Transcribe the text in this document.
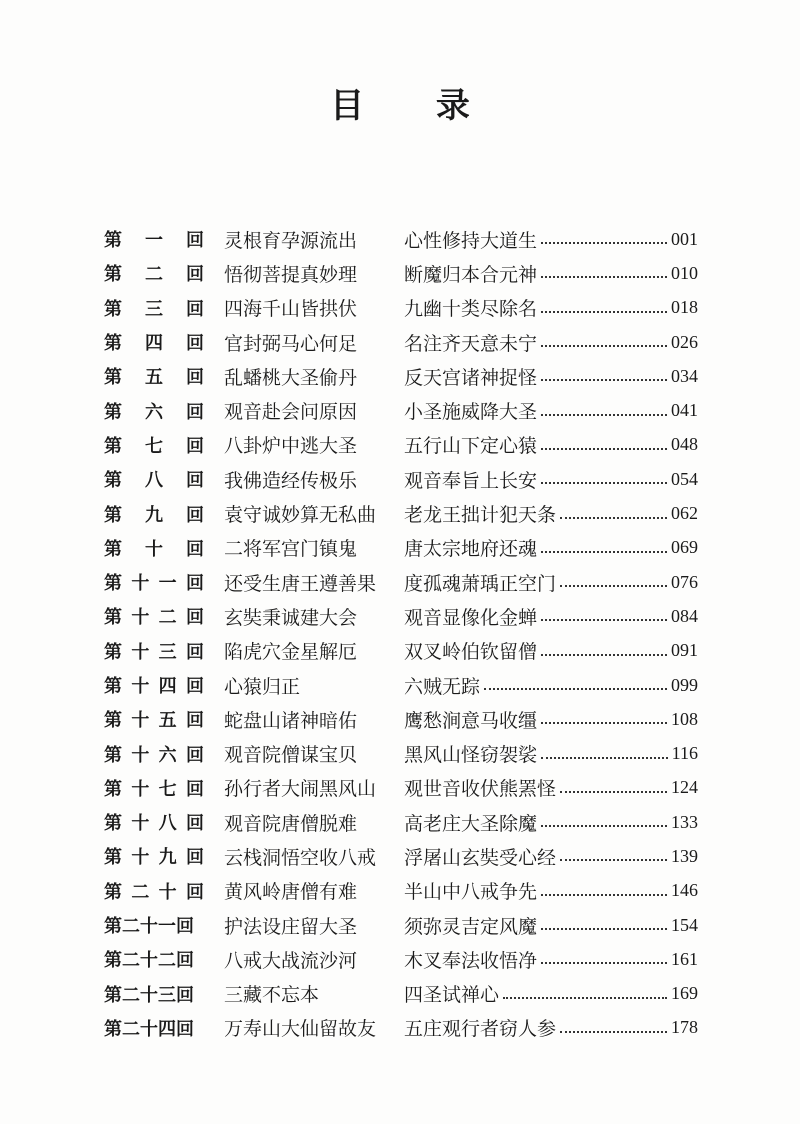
目 录
第 一 回 灵根育孕源流出 心性修持大道生	001
第 二 回 悟彻菩提真妙理 断魔归本合元神	010
第 三 回 四海千山皆拱伏 九幽十类尽除名	018
第 四 回 官封弼马心何足 名注齐天意未宁	026
第 五 回 乱蟠桃大圣偷丹 反天宫诸神捉怪	034
第 六 回 观音赴会问原因 小圣施威降大圣	041
第 七 回 八卦炉中逃大圣 五行山下定心猿	048
第 八 回 我佛造经传极乐 观音奉旨上长安	054
第 九 回 袁守诚妙算无私曲 老龙王拙计犯天条	062
第 十 回 二将军宫门镇鬼 唐太宗地府还魂	069
第 十 一 回 还受生唐王遵善果 度孤魂萧瑀正空门	076
第 十 二 回 玄奘秉诚建大会 观音显像化金蝉	084
第 十 三 回 陷虎穴金星解厄 双叉岭伯钦留僧	091
第 十 四 回 心猿归正	六贼无踪	099
第 十 五 回 蛇盘山诸神暗佑 鹰愁涧意马收缰	108
第 十 六 回 观音院僧谋宝贝 黑风山怪窃袈裟	116
第 十 七 回 孙行者大闹黑风山 观世音收伏熊罴怪	124
第 十 八 回 观音院唐僧脱难 高老庄大圣除魔	133
第 十 九 回 云栈洞悟空收八戒 浮屠山玄奘受心经	139
第 二 十 回 黄风岭唐僧有难 半山中八戒争先	146
第二十一回 护法设庄留大圣 须弥灵吉定风魔	154
第二十二回 八戒大战流沙河 木叉奉法收悟净	161
第二十三回 三藏不忘本	四圣试禅心	169
第二十四回 万寿山大仙留故友 五庄观行者窃人参	178
